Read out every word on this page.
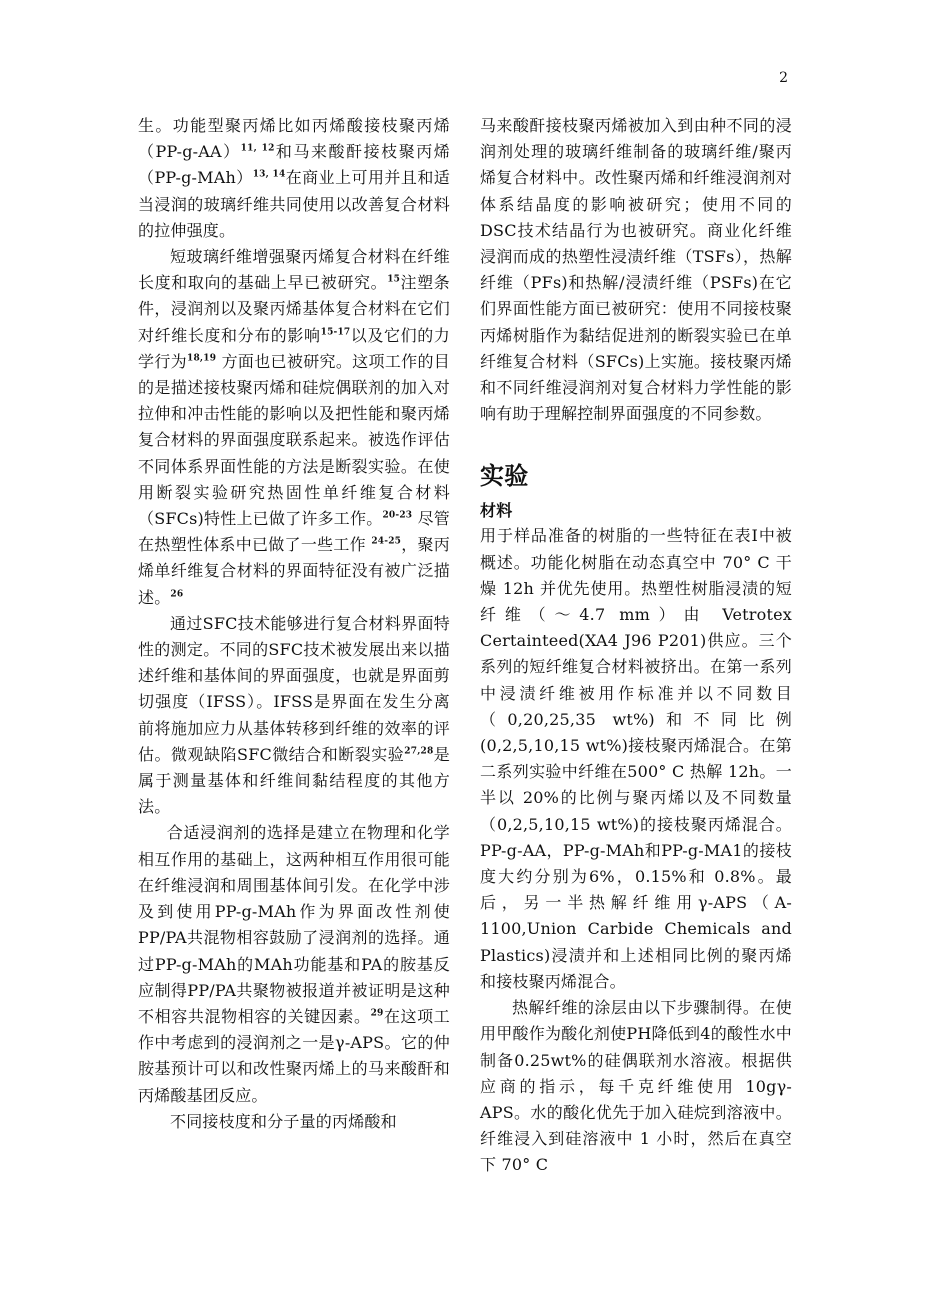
2

生。功能型聚丙烯比如丙烯酸接枝聚丙烯$(PP-g-AA)^{11, 12}$和马来酸酐接枝聚丙烯$(PP-g-MAh)^{13, 14}$在商业上可用并且和适当浸润的玻璃纤维共同使用以改善复合材料的拉伸强度。

短玻璃纤维增强聚丙烯复合材料在纤维长度和取向的基础上早已被研究。$^{15}$注塑条件，浸润剂以及聚丙烯基体复合材料在它们对纤维长度和分布的影响$^{15-17}$以及它们的力学行为$^{18,19}$ 方面也已被研究。这项工作的目的是描述接枝聚丙烯和硅烷偶联剂的加入对拉伸和冲击性能的影响以及把性能和聚丙烯复合材料的界面强度联系起来。被选作评估不同体系界面性能的方法是断裂实验。在使用断裂实验研究热固性单纤维复合材料（SFCs)特性上已做了许多工作。$^{20-23}$ 尽管在热塑性体系中已做了一些工作 $^{24-25}$，聚丙烯单纤维复合材料的界面特征没有被广泛描述。$^{26}$

通过SFC技术能够进行复合材料界面特性的测定。不同的SFC技术被发展出来以描述纤维和基体间的界面强度，也就是界面剪切强度（IFSS）。IFSS是界面在发生分离前将施加应力从基体转移到纤维的效率的评估。微观缺陷SFC微结合和断裂实验$^{27,28}$是属于测量基体和纤维间黏结程度的其他方法。

合适浸润剂的选择是建立在物理和化学相互作用的基础上，这两种相互作用很可能在纤维浸润和周围基体间引发。在化学中涉及到使用PP-g-MAh作为界面改性剂使PP/PA共混物相容鼓励了浸润剂的选择。通过PP-g-MAh的MAh功能基和PA的胺基反应制得PP/PA共聚物被报道并被证明是这种不相容共混物相容的关键因素。$^{29}$在这项工作中考虑到的浸润剂之一是γ-APS。它的仲胺基预计可以和改性聚丙烯上的马来酸酐和丙烯酸基团反应。

不同接枝度和分子量的丙烯酸和

马来酸酐接枝聚丙烯被加入到由种不同的浸润剂处理的玻璃纤维制备的玻璃纤维/聚丙烯复合材料中。改性聚丙烯和纤维浸润剂对体系结晶度的影响被研究；使用不同的DSC技术结晶行为也被研究。商业化纤维浸润而成的热塑性浸渍纤维（TSFs），热解纤维（PFs)和热解/浸渍纤维（PSFs)在它们界面性能方面已被研究：使用不同接枝聚丙烯树脂作为黏结促进剂的断裂实验已在单纤维复合材料（SFCs)上实施。接枝聚丙烯和不同纤维浸润剂对复合材料力学性能的影响有助于理解控制界面强度的不同参数。

实验
材料

用于样品准备的树脂的一些特征在表Ⅰ中被概述。功能化树脂在动态真空中 70° C 干燥 12h 并优先使用。热塑性树脂浸渍的短纤维（～4.7 mm）由 Vetrotex Certainteed(XA4 J96 P201)供应。三个系列的短纤维复合材料被挤出。在第一系列中浸渍纤维被用作标准并以不同数目（0,20,25,35 wt%)和不同比例(0,2,5,10,15 wt%)接枝聚丙烯混合。在第二系列实验中纤维在500° C 热解 12h。一半以 20%的比例与聚丙烯以及不同数量（0,2,5,10,15 wt%)的接枝聚丙烯混合。PP-g-AA，PP-g-MAh和PP-g-MA1的接枝度大约分别为6%，0.15%和 0.8%。最后，另一半热解纤维用γ-APS（A-1100,Union Carbide Chemicals and Plastics)浸渍并和上述相同比例的聚丙烯和接枝聚丙烯混合。

热解纤维的涂层由以下步骤制得。在使用甲酸作为酸化剂使PH降低到4的酸性水中制备0.25wt%的硅偶联剂水溶液。根据供应商的指示，每千克纤维使用 10gγ-APS。水的酸化优先于加入硅烷到溶液中。纤维浸入到硅溶液中 1 小时，然后在真空下 70° C
